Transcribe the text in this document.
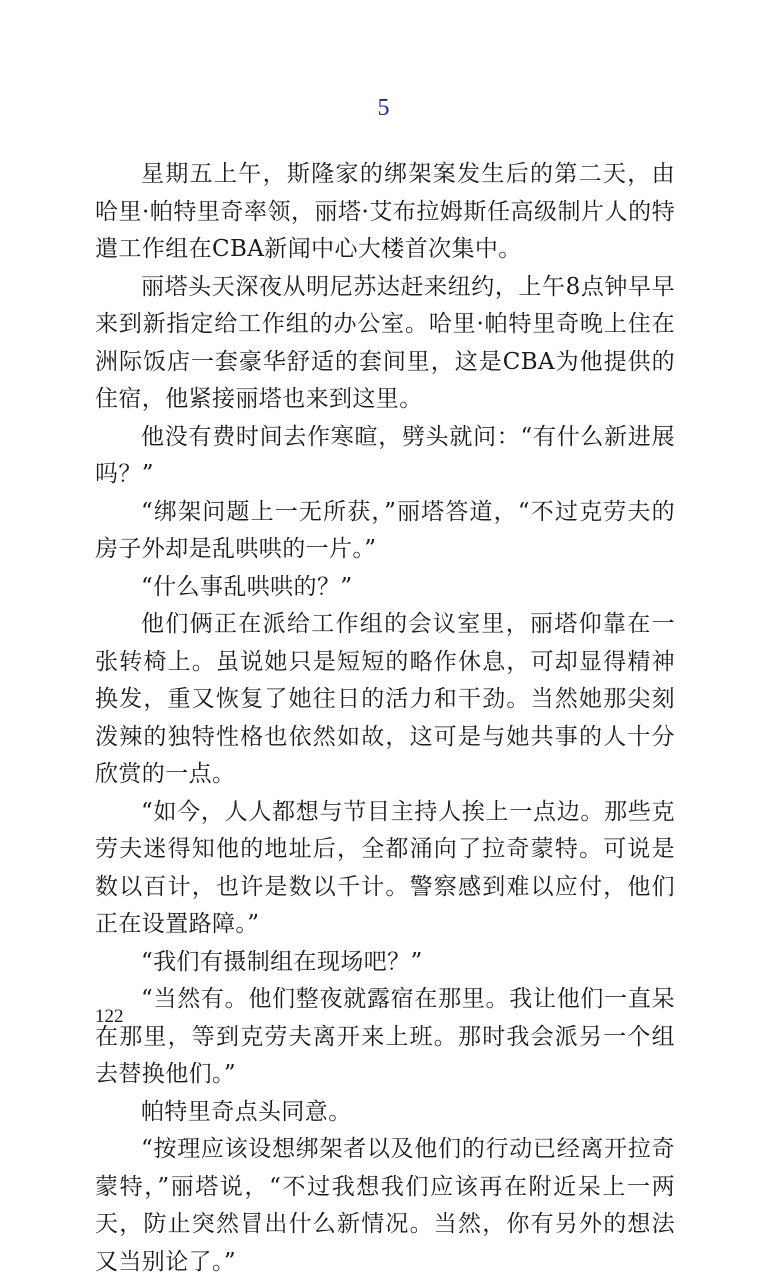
5

星期五上午，斯隆家的绑架案发生后的第二天，由哈里·帕特里奇率领，丽塔·艾布拉姆斯任高级制片人的特遣工作组在CBA新闻中心大楼首次集中。

丽塔头天深夜从明尼苏达赶来纽约，上午8点钟早早来到新指定给工作组的办公室。哈里·帕特里奇晚上住在洲际饭店一套豪华舒适的套间里，这是CBA为他提供的住宿，他紧接丽塔也来到这里。

他没有费时间去作寒暄，劈头就问：“有什么新进展吗？”

“绑架问题上一无所获，”丽塔答道，“不过克劳夫的房子外却是乱哄哄的一片。”

“什么事乱哄哄的？”

他们俩正在派给工作组的会议室里，丽塔仰靠在一张转椅上。虽说她只是短短的略作休息，可却显得精神换发，重又恢复了她往日的活力和干劲。当然她那尖刻泼辣的独特性格也依然如故，这可是与她共事的人十分欣赏的一点。

“如今，人人都想与节目主持人挨上一点边。那些克劳夫迷得知他的地址后，全都涌向了拉奇蒙特。可说是数以百计，也许是数以千计。警察感到难以应付，他们正在设置路障。”

“我们有摄制组在现场吧？”

“当然有。他们整夜就露宿在那里。我让他们一直呆在那里，等到克劳夫离开来上班。那时我会派另一个组去替换他们。”

帕特里奇点头同意。

“按理应该设想绑架者以及他们的行动已经离开拉奇蒙特，”丽塔说，“不过我想我们应该再在附近呆上一两天，防止突然冒出什么新情况。当然，你有另外的想法又当别论了。”

122
